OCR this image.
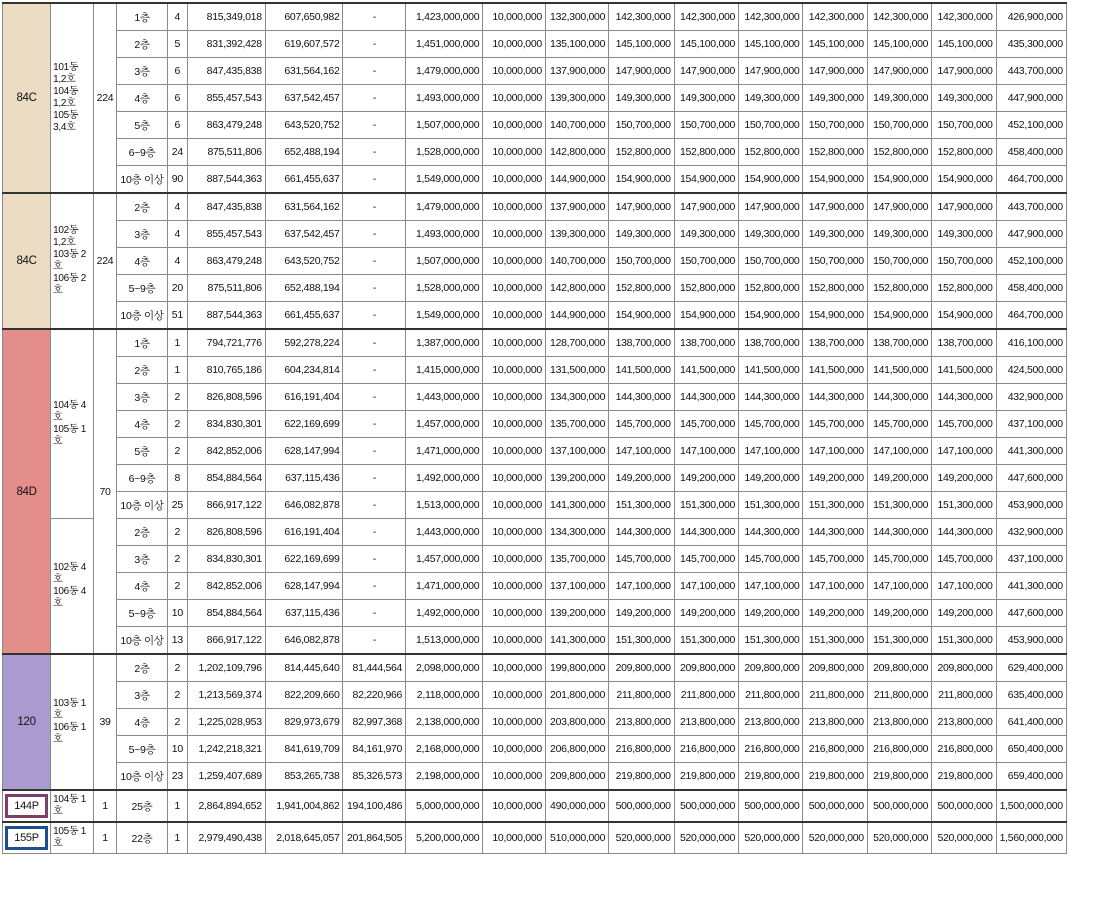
84C	101동 1,2호
104동 1,2호
105동 3,4호	224	1층	4	815,349,018	607,650,982	-	1,423,000,000	10,000,000	132,300,000	142,300,000	142,300,000	142,300,000	142,300,000	142,300,000	142,300,000	426,900,000
			2층	5	831,392,428	619,607,572	-	1,451,000,000	10,000,000	135,100,000	145,100,000	145,100,000	145,100,000	145,100,000	145,100,000	145,100,000	435,300,000
			3층	6	847,435,838	631,564,162	-	1,479,000,000	10,000,000	137,900,000	147,900,000	147,900,000	147,900,000	147,900,000	147,900,000	147,900,000	443,700,000
			4층	6	855,457,543	637,542,457	-	1,493,000,000	10,000,000	139,300,000	149,300,000	149,300,000	149,300,000	149,300,000	149,300,000	149,300,000	447,900,000
			5층	6	863,479,248	643,520,752	-	1,507,000,000	10,000,000	140,700,000	150,700,000	150,700,000	150,700,000	150,700,000	150,700,000	150,700,000	452,100,000
			6~9층	24	875,511,806	652,488,194	-	1,528,000,000	10,000,000	142,800,000	152,800,000	152,800,000	152,800,000	152,800,000	152,800,000	152,800,000	458,400,000
			10층 이상	90	887,544,363	661,455,637	-	1,549,000,000	10,000,000	144,900,000	154,900,000	154,900,000	154,900,000	154,900,000	154,900,000	154,900,000	464,700,000
84C	102동 1,2호
103동 2호
106동 2호	224	2층	4	847,435,838	631,564,162	-	1,479,000,000	10,000,000	137,900,000	147,900,000	147,900,000	147,900,000	147,900,000	147,900,000	147,900,000	443,700,000
			3층	4	855,457,543	637,542,457	-	1,493,000,000	10,000,000	139,300,000	149,300,000	149,300,000	149,300,000	149,300,000	149,300,000	149,300,000	447,900,000
			4층	4	863,479,248	643,520,752	-	1,507,000,000	10,000,000	140,700,000	150,700,000	150,700,000	150,700,000	150,700,000	150,700,000	150,700,000	452,100,000
			5~9층	20	875,511,806	652,488,194	-	1,528,000,000	10,000,000	142,800,000	152,800,000	152,800,000	152,800,000	152,800,000	152,800,000	152,800,000	458,400,000
			10층 이상	51	887,544,363	661,455,637	-	1,549,000,000	10,000,000	144,900,000	154,900,000	154,900,000	154,900,000	154,900,000	154,900,000	154,900,000	464,700,000
84D	104동 4호
105동 1호	70	1층	1	794,721,776	592,278,224	-	1,387,000,000	10,000,000	128,700,000	138,700,000	138,700,000	138,700,000	138,700,000	138,700,000	138,700,000	416,100,000
			2층	1	810,765,186	604,234,814	-	1,415,000,000	10,000,000	131,500,000	141,500,000	141,500,000	141,500,000	141,500,000	141,500,000	141,500,000	424,500,000
			3층	2	826,808,596	616,191,404	-	1,443,000,000	10,000,000	134,300,000	144,300,000	144,300,000	144,300,000	144,300,000	144,300,000	144,300,000	432,900,000
			4층	2	834,830,301	622,169,699	-	1,457,000,000	10,000,000	135,700,000	145,700,000	145,700,000	145,700,000	145,700,000	145,700,000	145,700,000	437,100,000
			5층	2	842,852,006	628,147,994	-	1,471,000,000	10,000,000	137,100,000	147,100,000	147,100,000	147,100,000	147,100,000	147,100,000	147,100,000	441,300,000
			6~9층	8	854,884,564	637,115,436	-	1,492,000,000	10,000,000	139,200,000	149,200,000	149,200,000	149,200,000	149,200,000	149,200,000	149,200,000	447,600,000
			10층 이상	25	866,917,122	646,082,878	-	1,513,000,000	10,000,000	141,300,000	151,300,000	151,300,000	151,300,000	151,300,000	151,300,000	151,300,000	453,900,000
	102동 4호
106동 4호		2층	2	826,808,596	616,191,404	-	1,443,000,000	10,000,000	134,300,000	144,300,000	144,300,000	144,300,000	144,300,000	144,300,000	144,300,000	432,900,000
			3층	2	834,830,301	622,169,699	-	1,457,000,000	10,000,000	135,700,000	145,700,000	145,700,000	145,700,000	145,700,000	145,700,000	145,700,000	437,100,000
			4층	2	842,852,006	628,147,994	-	1,471,000,000	10,000,000	137,100,000	147,100,000	147,100,000	147,100,000	147,100,000	147,100,000	147,100,000	441,300,000
			5~9층	10	854,884,564	637,115,436	-	1,492,000,000	10,000,000	139,200,000	149,200,000	149,200,000	149,200,000	149,200,000	149,200,000	149,200,000	447,600,000
			10층 이상	13	866,917,122	646,082,878	-	1,513,000,000	10,000,000	141,300,000	151,300,000	151,300,000	151,300,000	151,300,000	151,300,000	151,300,000	453,900,000
120	103동 1호
106동 1호	39	2층	2	1,202,109,796	814,445,640	81,444,564	2,098,000,000	10,000,000	199,800,000	209,800,000	209,800,000	209,800,000	209,800,000	209,800,000	209,800,000	629,400,000
			3층	2	1,213,569,374	822,209,660	82,220,966	2,118,000,000	10,000,000	201,800,000	211,800,000	211,800,000	211,800,000	211,800,000	211,800,000	211,800,000	635,400,000
			4층	2	1,225,028,953	829,973,679	82,997,368	2,138,000,000	10,000,000	203,800,000	213,800,000	213,800,000	213,800,000	213,800,000	213,800,000	213,800,000	641,400,000
			5~9층	10	1,242,218,321	841,619,709	84,161,970	2,168,000,000	10,000,000	206,800,000	216,800,000	216,800,000	216,800,000	216,800,000	216,800,000	216,800,000	650,400,000
			10층 이상	23	1,259,407,689	853,265,738	85,326,573	2,198,000,000	10,000,000	209,800,000	219,800,000	219,800,000	219,800,000	219,800,000	219,800,000	219,800,000	659,400,000

144P	104동 1호	1	25층	1	2,864,894,652	1,941,004,862	194,100,486	5,000,000,000	10,000,000	490,000,000	500,000,000	500,000,000	500,000,000	500,000,000	500,000,000	500,000,000	1,500,000,000

155P	105동 1호	1	22층	1	2,979,490,438	2,018,645,057	201,864,505	5,200,000,000	10,000,000	510,000,000	520,000,000	520,000,000	520,000,000	520,000,000	520,000,000	520,000,000	1,560,000,000
